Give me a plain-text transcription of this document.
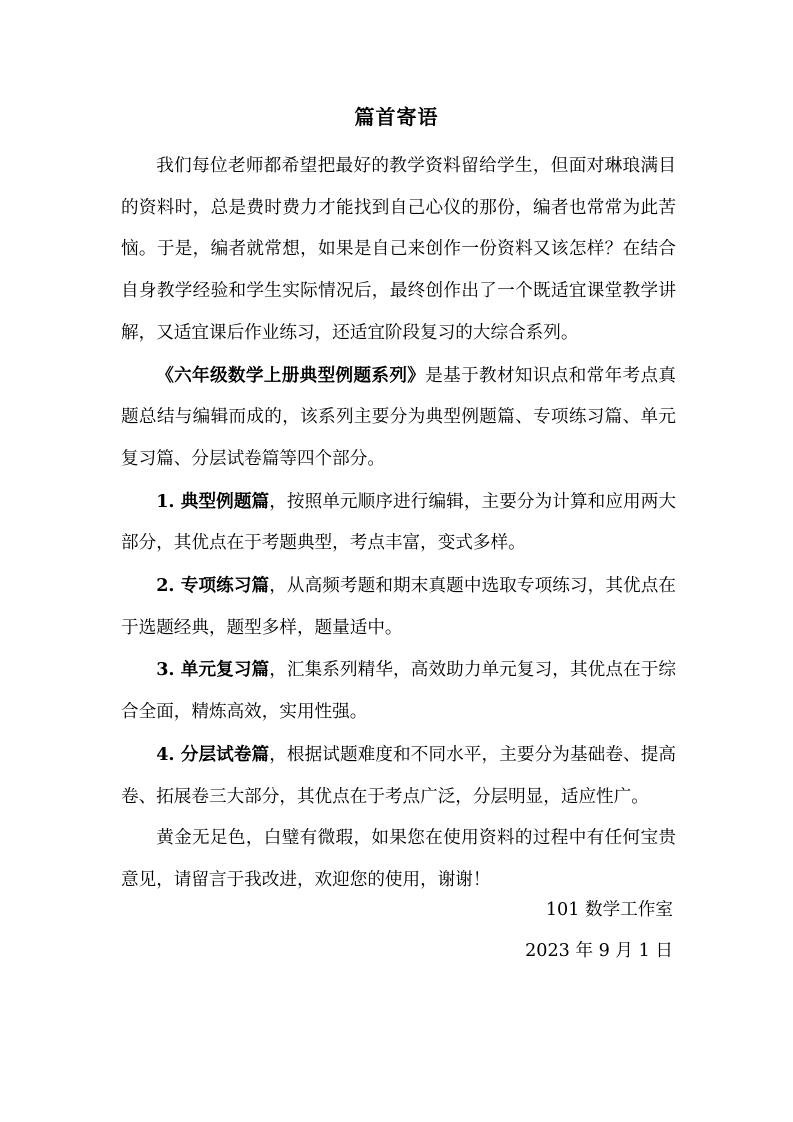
篇首寄语

我们每位老师都希望把最好的教学资料留给学生，但面对琳琅满目的资料时，总是费时费力才能找到自己心仪的那份，编者也常常为此苦恼。于是，编者就常想，如果是自己来创作一份资料又该怎样？在结合自身教学经验和学生实际情况后，最终创作出了一个既适宜课堂教学讲解，又适宜课后作业练习，还适宜阶段复习的大综合系列。

《六年级数学上册典型例题系列》是基于教材知识点和常年考点真题总结与编辑而成的，该系列主要分为典型例题篇、专项练习篇、单元复习篇、分层试卷篇等四个部分。

1. 典型例题篇，按照单元顺序进行编辑，主要分为计算和应用两大部分，其优点在于考题典型，考点丰富，变式多样。

2. 专项练习篇，从高频考题和期末真题中选取专项练习，其优点在于选题经典，题型多样，题量适中。

3. 单元复习篇，汇集系列精华，高效助力单元复习，其优点在于综合全面，精炼高效，实用性强。

4. 分层试卷篇，根据试题难度和不同水平，主要分为基础卷、提高卷、拓展卷三大部分，其优点在于考点广泛，分层明显，适应性广。

黄金无足色，白璧有微瑕，如果您在使用资料的过程中有任何宝贵意见，请留言于我改进，欢迎您的使用，谢谢！

101 数学工作室
2023 年 9 月 1 日
